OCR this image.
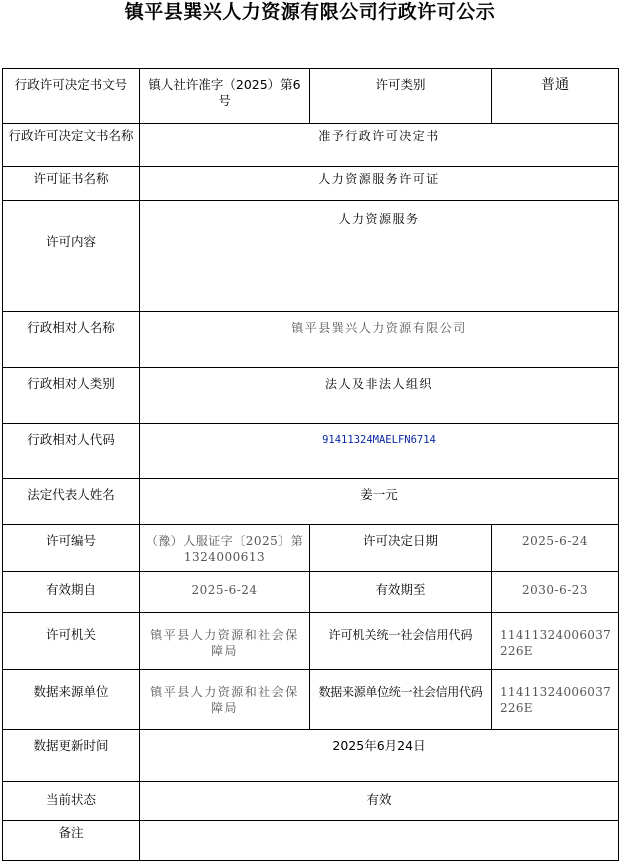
镇平县巽兴人力资源有限公司行政许可公示
行政许可决定书文号	镇人社许准字（2025）第6号	许可类别	普通
行政许可决定文书名称	准予行政许可决定书		
许可证书名称	人力资源服务许可证		
许可内容	人力资源服务		
行政相对人名称	镇平县巽兴人力资源有限公司		
行政相对人类别	法人及非法人组织		
行政相对人代码	91411324MAELFN6714		
法定代表人姓名	姜一元		
许可编号	（豫）人服证字〔2025〕第1324000613	许可决定日期	2025-6-24
有效期自	2025-6-24	有效期至	2030-6-23
许可机关	镇平县人力资源和社会保障局	许可机关统一社会信用代码	11411324006037226E
数据来源单位	镇平县人力资源和社会保障局	数据来源单位统一社会信用代码	11411324006037226E
数据更新时间	2025年6月24日		
当前状态	有效		
备注			
